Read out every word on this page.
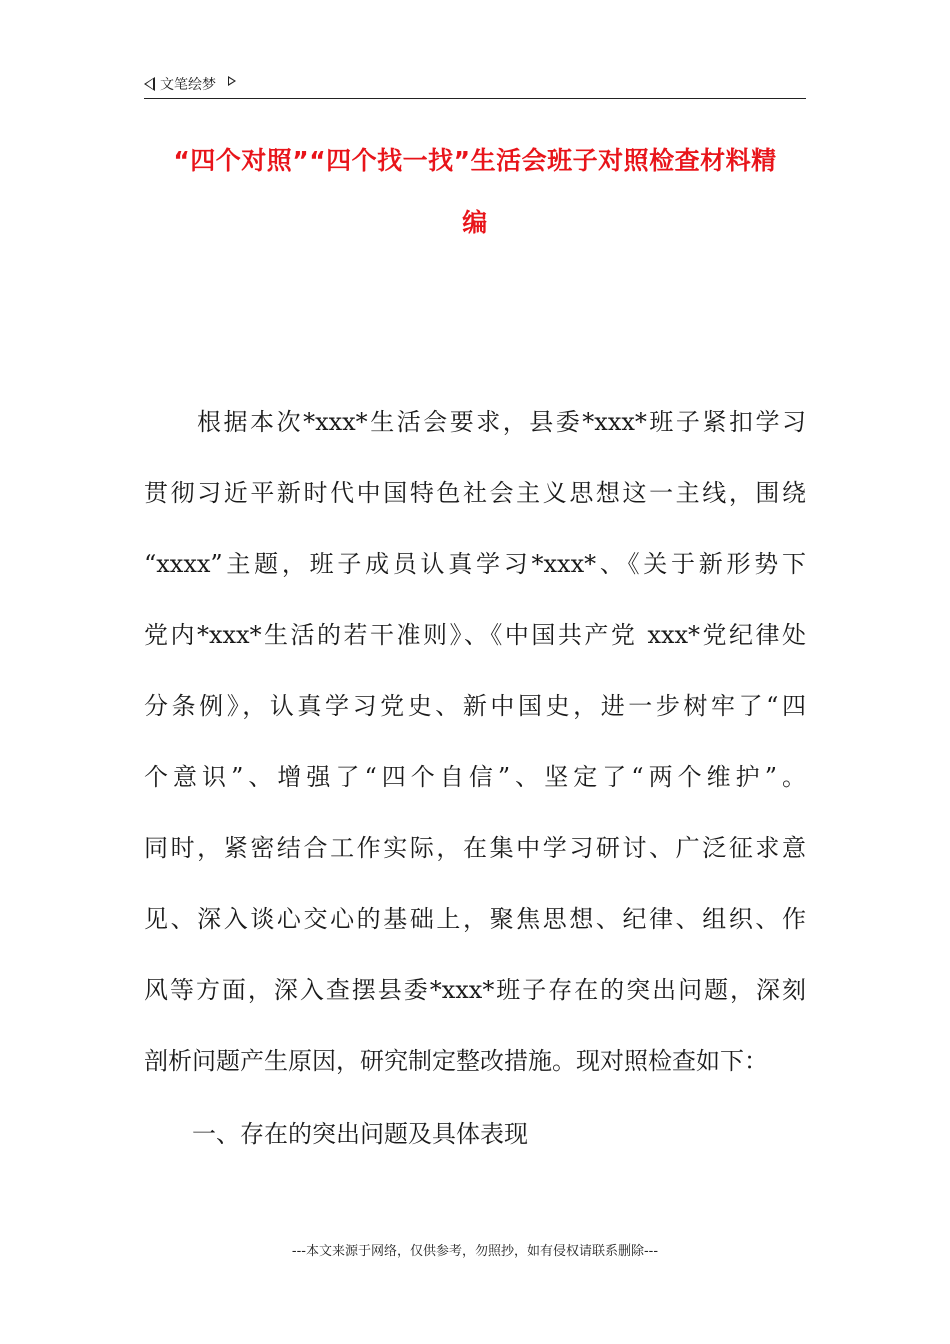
文笔绘梦
“四个对照”“四个找一找”生活会班子对照检查材料精
编
　　根据本次*xxx*生活会要求，县委*xxx*班子紧扣学习
贯彻习近平新时代中国特色社会主义思想这一主线，围绕
“xxxx”主题，班子成员认真学习*xxx*、《关于新形势下
党内*xxx*生活的若干准则》、《中国共产党 xxx*党纪律处
分条例》，认真学习党史、新中国史，进一步树牢了“四
个意识”、增强了“四个自信”、坚定了“两个维护”。
同时，紧密结合工作实际，在集中学习研讨、广泛征求意
见、深入谈心交心的基础上，聚焦思想、纪律、组织、作
风等方面，深入查摆县委*xxx*班子存在的突出问题，深刻
剖析问题产生原因，研究制定整改措施。现对照检查如下：
一、存在的突出问题及具体表现
---本文来源于网络，仅供参考，勿照抄，如有侵权请联系删除---
